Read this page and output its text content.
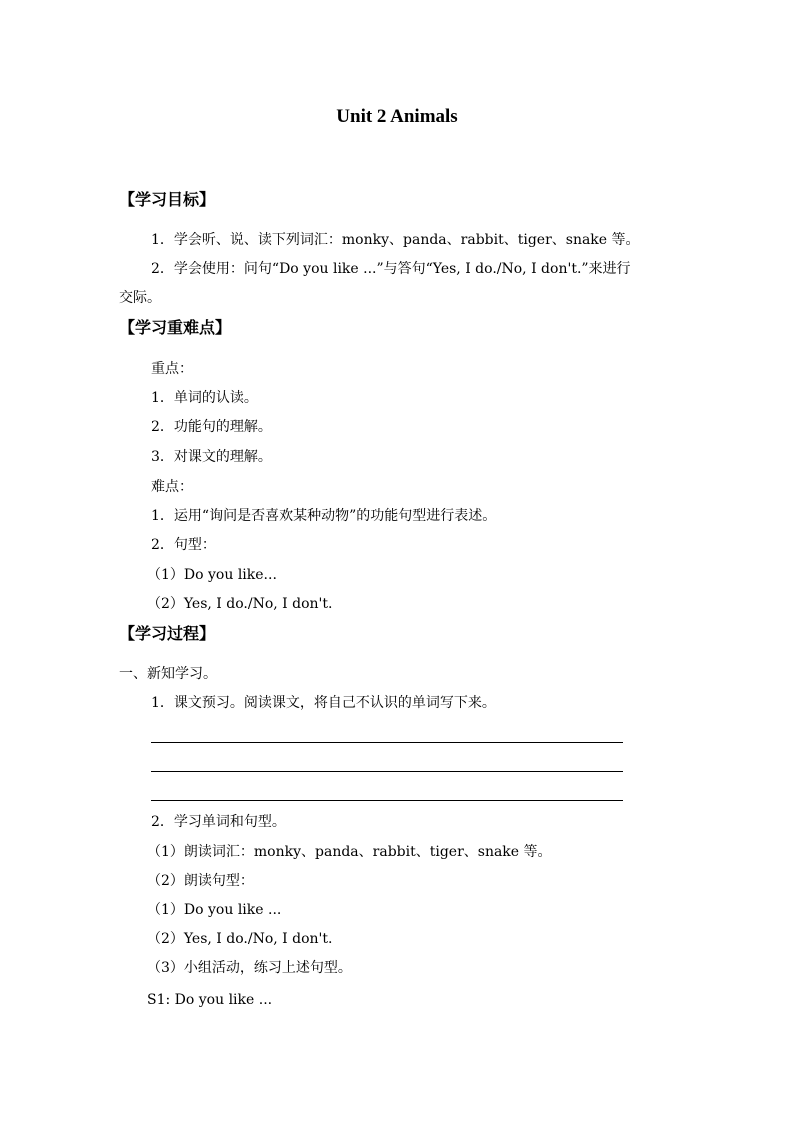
Unit 2 Animals
【学习目标】
1．学会听、说、读下列词汇：monky、panda、rabbit、tiger、snake 等。
2．学会使用：问句“Do you like ...”与答句“Yes, I do./No, I don't.”来进行
交际。
【学习重难点】
重点：
1．单词的认读。
2．功能句的理解。
3．对课文的理解。
难点：
1．运用“询问是否喜欢某种动物”的功能句型进行表述。
2．句型：
（1）Do you like...
（2）Yes, I do./No, I don't.
【学习过程】
一、新知学习。
1．课文预习。阅读课文，将自己不认识的单词写下来。
2．学习单词和句型。
（1）朗读词汇：monky、panda、rabbit、tiger、snake 等。
（2）朗读句型：
（1）Do you like ...
（2）Yes, I do./No, I don't.
（3）小组活动，练习上述句型。
S1: Do you like ...
